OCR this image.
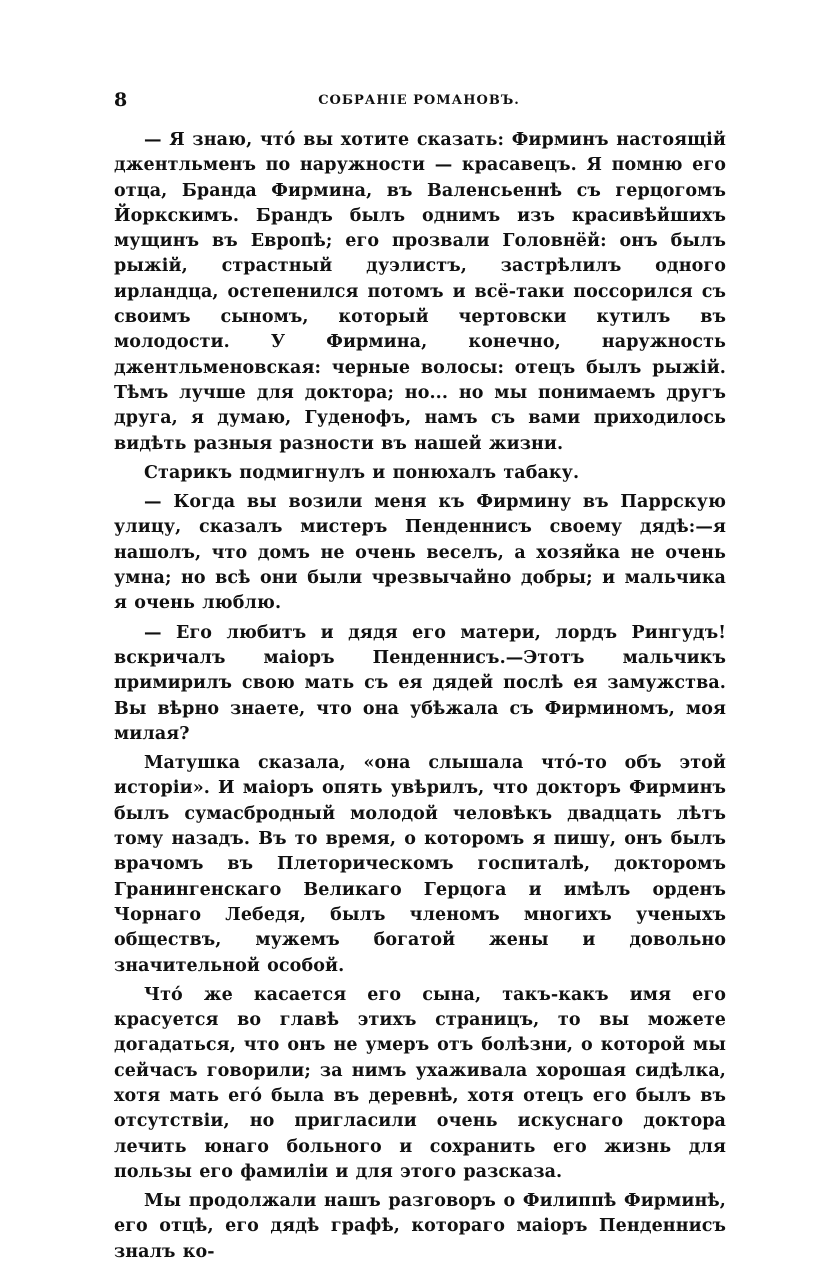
8	СОБРАНІЕ РОМАНОВЪ.

— Я знаю, чтó вы хотите сказать: Фирминъ настоящій джентльменъ по наружности — красавецъ. Я помню его отца, Бранда Фирмина, въ Валенсьеннѣ съ герцогомъ Йоркскимъ. Брандъ былъ однимъ изъ красивѣйшихъ мущинъ въ Европѣ; его прозвали Головнёй: онъ былъ рыжій, страстный дуэлистъ, застрѣлилъ одного ирландца, остепенился потомъ и всё-таки поссорился съ своимъ сыномъ, который чертовски кутилъ въ молодости. У Фирмина, конечно, наружность джентльменовская: черные волосы: отецъ былъ рыжій. Тѣмъ лучше для доктора; но... но мы понимаемъ другъ друга, я думаю, Гуденофъ, намъ съ вами приходилось видѣть разныя разности въ нашей жизни.

Старикъ подмигнулъ и понюхалъ табаку.

— Когда вы возили меня къ Фирмину въ Паррскую улицу, сказалъ мистеръ Пенденнисъ своему дядѣ:—я нашолъ, что домъ не очень веселъ, а хозяйка не очень умна; но всѣ они были чрезвычайно добры; и мальчика я очень люблю.

— Его любитъ и дядя его матери, лордъ Рингудъ! вскричалъ маіоръ Пенденнисъ.—Этотъ мальчикъ примирилъ свою мать съ ея дядей послѣ ея замужства. Вы вѣрно знаете, что она убѣжала съ Фирминомъ, моя милая?

Матушка сказала, «она слышала чтó-то объ этой исторіи». И маіоръ опять увѣрилъ, что докторъ Фирминъ былъ сумасбродный молодой человѣкъ двадцать лѣтъ тому назадъ. Въ то время, о которомъ я пишу, онъ былъ врачомъ въ Плеторическомъ госпиталѣ, докторомъ Гранингенскаго Великаго Герцога и имѣлъ орденъ Чорнаго Лебедя, былъ членомъ многихъ ученыхъ обществъ, мужемъ богатой жены и довольно значительной особой.

Чтó же касается его сына, такъ-какъ имя его красуется во главѣ этихъ страницъ, то вы можете догадаться, что онъ не умеръ отъ болѣзни, о которой мы сейчасъ говорили; за нимъ ухаживала хорошая сидѣлка, хотя мать егó была въ деревнѣ, хотя отецъ его былъ въ отсутствіи, но пригласили очень искуснаго доктора лечить юнаго больного и сохранить его жизнь для пользы его фамиліи и для этого разсказа.

Мы продолжали нашъ разговоръ о Филиппѣ Фирминѣ, его отцѣ, его дядѣ графѣ, котораго маіоръ Пенденнисъ зналъ ко-
